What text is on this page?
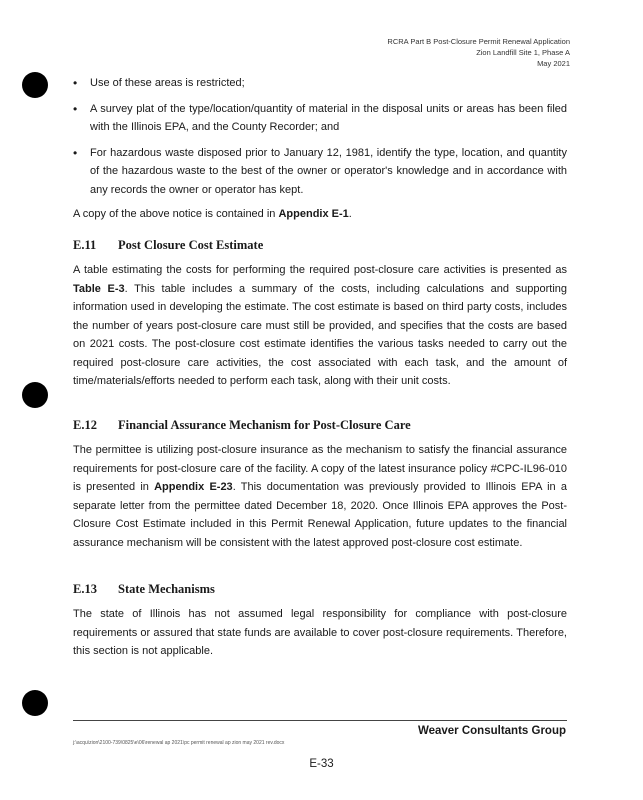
RCRA Part B Post-Closure Permit Renewal Application
Zion Landfill Site 1, Phase A
May 2021
• Use of these areas is restricted;
• A survey plat of the type/location/quantity of material in the disposal units or areas has been filed with the Illinois EPA, and the County Recorder; and
• For hazardous waste disposed prior to January 12, 1981, identify the type, location, and quantity of the hazardous waste to the best of the owner or operator's knowledge and in accordance with any records the owner or operator has kept.

A copy of the above notice is contained in Appendix E-1.

E.11 Post Closure Cost Estimate

A table estimating the costs for performing the required post-closure care activities is presented as Table E-3. This table includes a summary of the costs, including calculations and supporting information used in developing the estimate. The cost estimate is based on third party costs, includes the number of years post-closure care must still be provided, and specifies that the costs are based on 2021 costs. The post-closure cost estimate identifies the various tasks needed to carry out the required post-closure care activities, the cost associated with each task, and the amount of time/materials/efforts needed to perform each task, along with their unit costs.

E.12 Financial Assurance Mechanism for Post-Closure Care

The permittee is utilizing post-closure insurance as the mechanism to satisfy the financial assurance requirements for post-closure care of the facility. A copy of the latest insurance policy #CPC-IL96-010 is presented in Appendix E-23. This documentation was previously provided to Illinois EPA in a separate letter from the permittee dated December 18, 2020. Once Illinois EPA approves the Post-Closure Cost Estimate included in this Permit Renewal Application, future updates to the financial assurance mechanism will be consistent with the latest approved post-closure cost estimate.

E.13 State Mechanisms

The state of Illinois has not assumed legal responsibility for compliance with post-closure requirements or assured that state funds are available to cover post-closure requirements. Therefore, this section is not applicable.

Weaver Consultants Group
j:\acqu\zion\2100-739\0825\e\06\renewal ap 2021\pc permit renewal ap zion may 2021 rev.docx
E-33
